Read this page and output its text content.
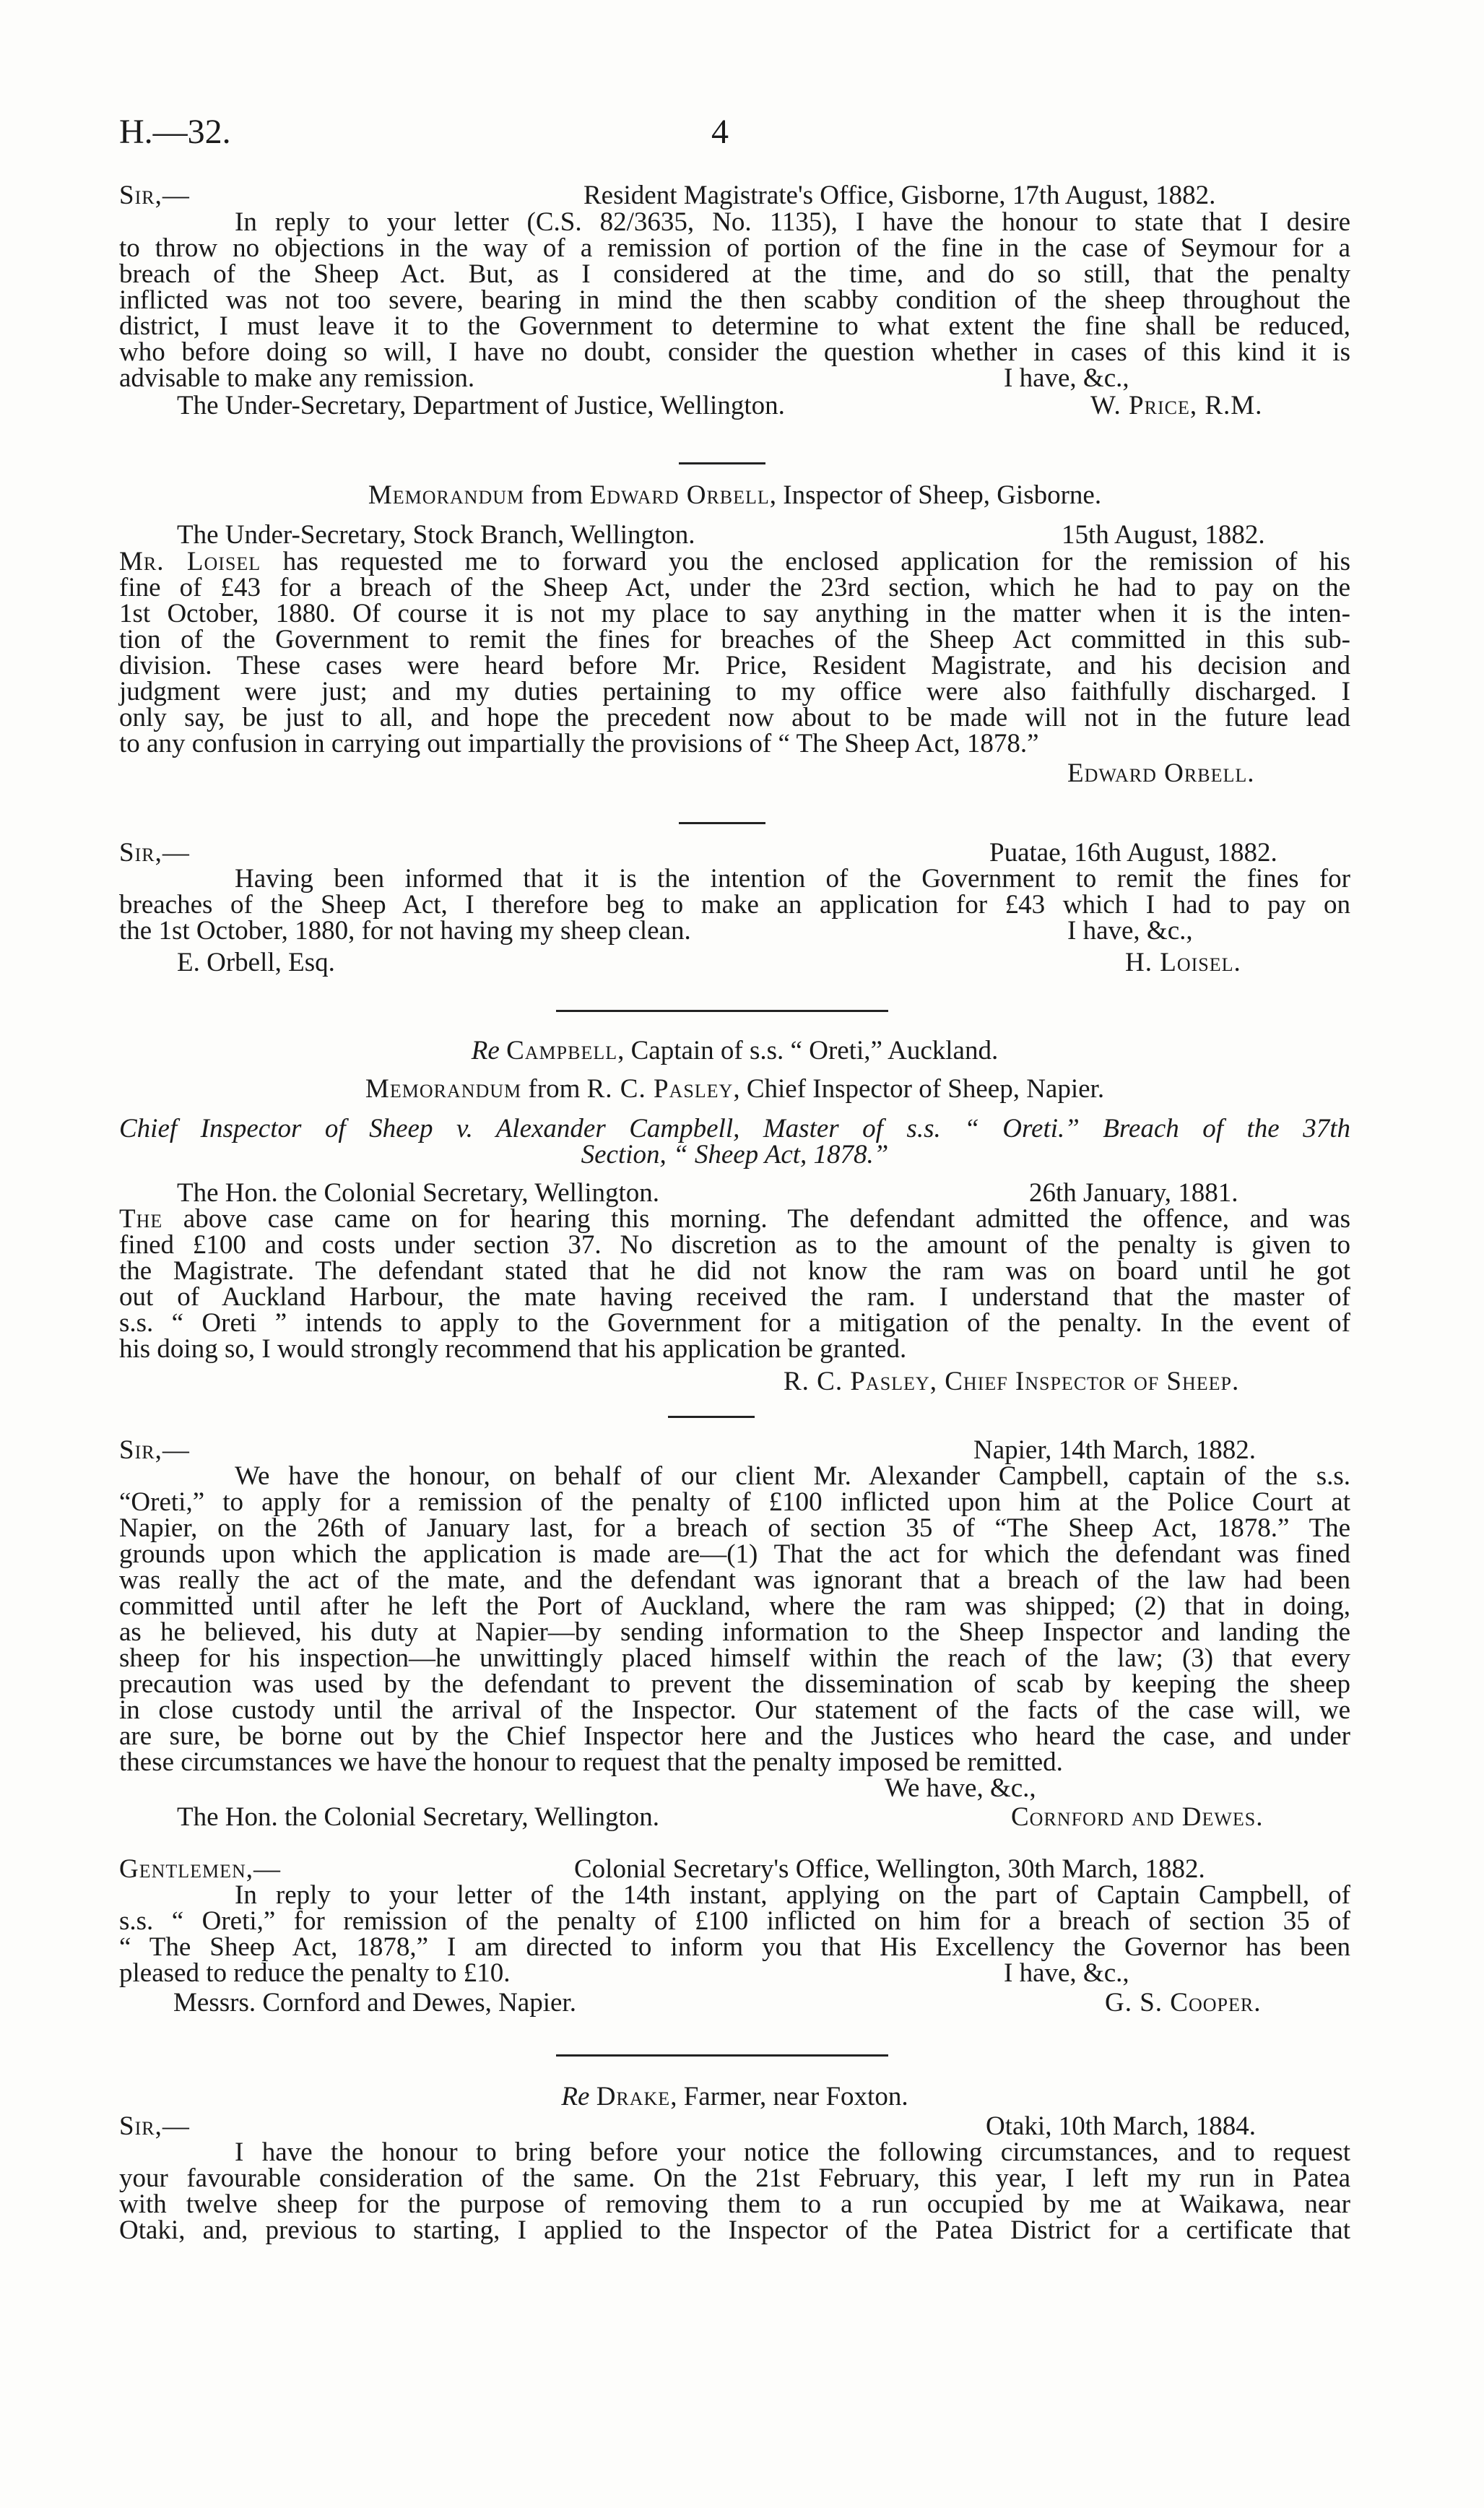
H.—32.	4
Sir,—	Resident Magistrate's Office, Gisborne, 17th August, 1882.
In reply to your letter (C.S. 82/3635, No. 1135), I have the honour to state that I desire
to throw no objections in the way of a remission of portion of the fine in the case of Seymour for a
breach of the Sheep Act. But, as I considered at the time, and do so still, that the penalty
inflicted was not too severe, bearing in mind the then scabby condition of the sheep throughout the
district, I must leave it to the Government to determine to what extent the fine shall be reduced,
who before doing so will, I have no doubt, consider the question whether in cases of this kind it is
advisable to make any remission.	I have, &c.,
The Under-Secretary, Department of Justice, Wellington.	W. Price, R.M.
Memorandum from Edward Orbell, Inspector of Sheep, Gisborne.
The Under-Secretary, Stock Branch, Wellington.	15th August, 1882.
Mr. Loisel has requested me to forward you the enclosed application for the remission of his
fine of £43 for a breach of the Sheep Act, under the 23rd section, which he had to pay on the
1st October, 1880. Of course it is not my place to say anything in the matter when it is the inten-
tion of the Government to remit the fines for breaches of the Sheep Act committed in this sub-
division. These cases were heard before Mr. Price, Resident Magistrate, and his decision and
judgment were just; and my duties pertaining to my office were also faithfully discharged. I
only say, be just to all, and hope the precedent now about to be made will not in the future lead
to any confusion in carrying out impartially the provisions of “ The Sheep Act, 1878.”
Edward Orbell.
Sir,—	Puatae, 16th August, 1882.
Having been informed that it is the intention of the Government to remit the fines for
breaches of the Sheep Act, I therefore beg to make an application for £43 which I had to pay on
the 1st October, 1880, for not having my sheep clean.	I have, &c.,
E. Orbell, Esq.	H. Loisel.
Re Campbell, Captain of s.s. “ Oreti,” Auckland.
Memorandum from R. C. Pasley, Chief Inspector of Sheep, Napier.
Chief Inspector of Sheep v. Alexander Campbell, Master of s.s. “ Oreti.” Breach of the 37th
Section, “ Sheep Act, 1878.”
The Hon. the Colonial Secretary, Wellington.	26th January, 1881.
The above case came on for hearing this morning. The defendant admitted the offence, and was
fined £100 and costs under section 37. No discretion as to the amount of the penalty is given to
the Magistrate. The defendant stated that he did not know the ram was on board until he got
out of Auckland Harbour, the mate having received the ram. I understand that the master of
s.s. “ Oreti ” intends to apply to the Government for a mitigation of the penalty. In the event of
his doing so, I would strongly recommend that his application be granted.
R. C. Pasley, Chief Inspector of Sheep.
Sir,—	Napier, 14th March, 1882.
We have the honour, on behalf of our client Mr. Alexander Campbell, captain of the s.s.
“Oreti,” to apply for a remission of the penalty of £100 inflicted upon him at the Police Court at
Napier, on the 26th of January last, for a breach of section 35 of “The Sheep Act, 1878.” The
grounds upon which the application is made are—(1) That the act for which the defendant was fined
was really the act of the mate, and the defendant was ignorant that a breach of the law had been
committed until after he left the Port of Auckland, where the ram was shipped; (2) that in doing,
as he believed, his duty at Napier—by sending information to the Sheep Inspector and landing the
sheep for his inspection—he unwittingly placed himself within the reach of the law; (3) that every
precaution was used by the defendant to prevent the dissemination of scab by keeping the sheep
in close custody until the arrival of the Inspector. Our statement of the facts of the case will, we
are sure, be borne out by the Chief Inspector here and the Justices who heard the case, and under
these circumstances we have the honour to request that the penalty imposed be remitted.
We have, &c.,
The Hon. the Colonial Secretary, Wellington.	Cornford and Dewes.
Gentlemen,—	Colonial Secretary's Office, Wellington, 30th March, 1882.
In reply to your letter of the 14th instant, applying on the part of Captain Campbell, of
s.s. “ Oreti,” for remission of the penalty of £100 inflicted on him for a breach of section 35 of
“ The Sheep Act, 1878,” I am directed to inform you that His Excellency the Governor has been
pleased to reduce the penalty to £10.	I have, &c.,
Messrs. Cornford and Dewes, Napier.	G. S. Cooper.
Re Drake, Farmer, near Foxton.
Sir,—	Otaki, 10th March, 1884.
I have the honour to bring before your notice the following circumstances, and to request
your favourable consideration of the same. On the 21st February, this year, I left my run in Patea
with twelve sheep for the purpose of removing them to a run occupied by me at Waikawa, near
Otaki, and, previous to starting, I applied to the Inspector of the Patea District for a certificate that
